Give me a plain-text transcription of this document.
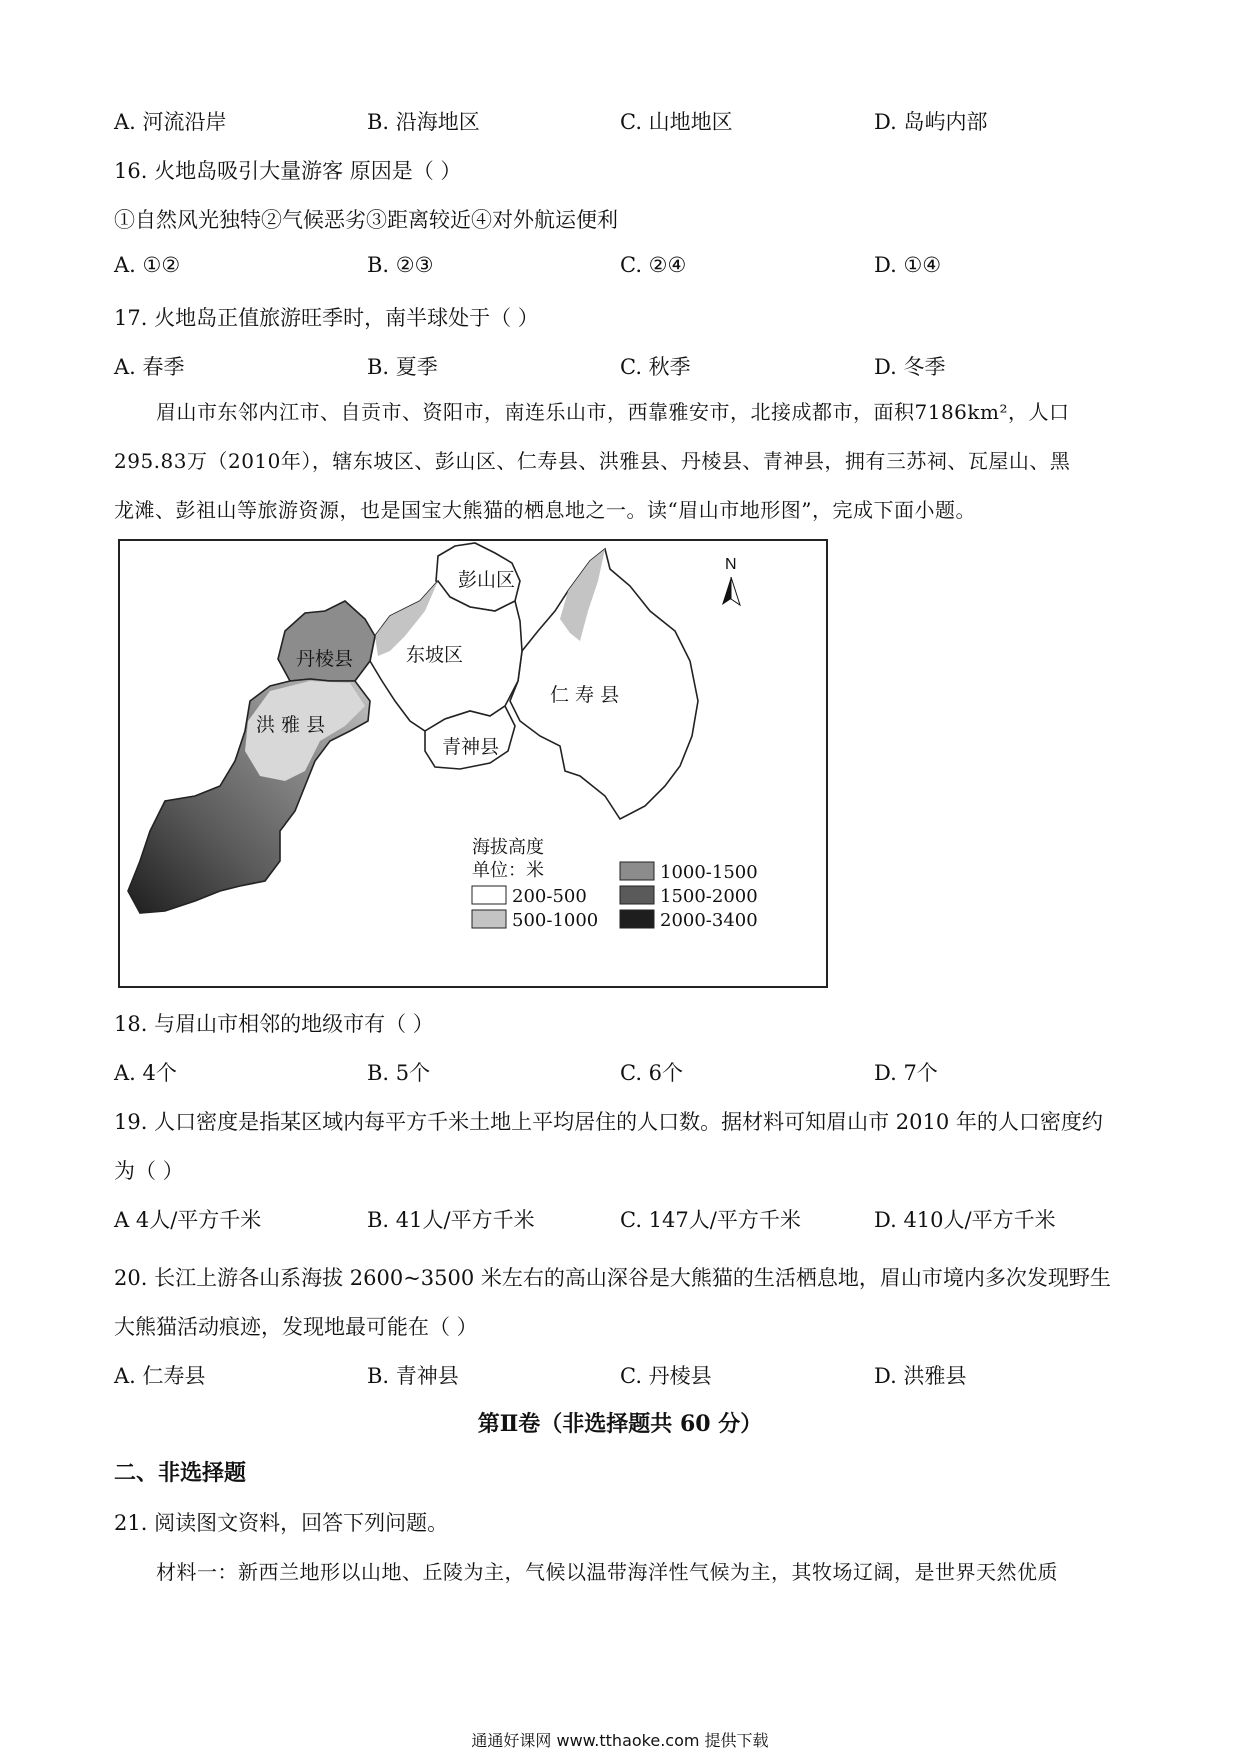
A. 河流沿岸	B. 沿海地区	C. 山地地区	D. 岛屿内部
16. 火地岛吸引大量游客 原因是（ ）
①自然风光独特②气候恶劣③距离较近④对外航运便利
A. ①②	B. ②③	C. ②④	D. ①④
17. 火地岛正值旅游旺季时，南半球处于（ ）
A. 春季	B. 夏季	C. 秋季	D. 冬季

眉山市东邻内江市、自贡市、资阳市，南连乐山市，西靠雅安市，北接成都市，面积7186km²，人口

295.83万（2010年），辖东坡区、彭山区、仁寿县、洪雅县、丹棱县、青神县，拥有三苏祠、瓦屋山、黑

龙滩、彭祖山等旅游资源，也是国宝大熊猫的栖息地之一。读“眉山市地形图”，完成下面小题。

彭山区
东坡区
丹棱县
洪 雅 县
仁 寿 县
青神县
N
海拔高度
单位：米
200-500
500-1000
1000-1500
1500-2000
2000-3400
18. 与眉山市相邻的地级市有（ ）
A. 4个	B. 5个	C. 6个	D. 7个
19. 人口密度是指某区域内每平方千米土地上平均居住的人口数。据材料可知眉山市 2010 年的人口密度约
为（ ）
A 4人/平方千米	B. 41人/平方千米	C. 147人/平方千米	D. 410人/平方千米
20. 长江上游各山系海拔 2600~3500 米左右的高山深谷是大熊猫的生活栖息地，眉山市境内多次发现野生
大熊猫活动痕迹，发现地最可能在（ ）
A. 仁寿县	B. 青神县	C. 丹棱县	D. 洪雅县
第Ⅱ卷（非选择题共 60 分）
二、非选择题
21. 阅读图文资料，回答下列问题。
材料一：新西兰地形以山地、丘陵为主，气候以温带海洋性气候为主，其牧场辽阔，是世界天然优质
通通好课网 www.tthaoke.com 提供下载
